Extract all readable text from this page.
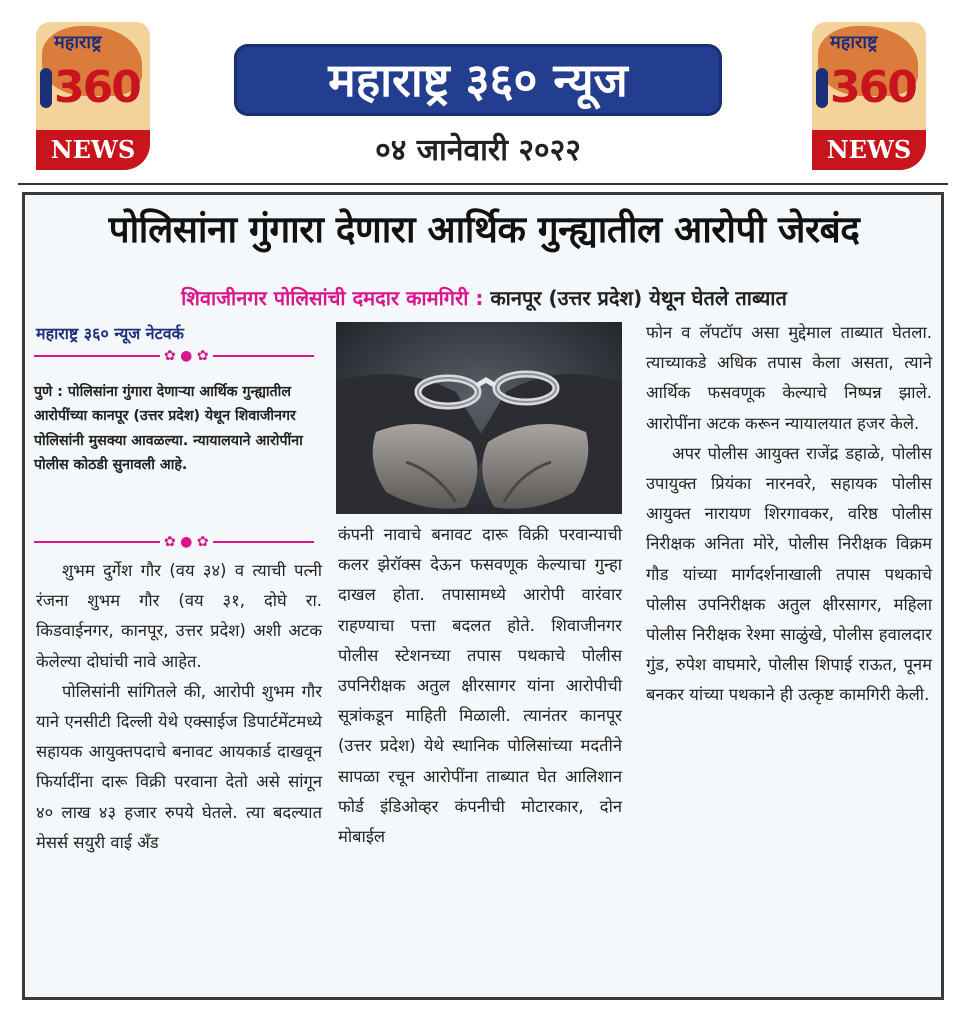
महाराष्ट्र
360
NEWS
महाराष्ट्र
360
NEWS
महाराष्ट्र ३६० न्यूज
०४ जानेवारी २०२२
पोलिसांना गुंगारा देणारा आर्थिक गुन्ह्यातील आरोपी जेरबंद
शिवाजीनगर पोलिसांची दमदार कामगिरी : कानपूर (उत्तर प्रदेश) येथून घेतले ताब्यात
महाराष्ट्र ३६० न्यूज नेटवर्क
✿ ● ✿
पुणे : पोलिसांना गुंगारा देणाऱ्या आर्थिक गुन्ह्यातील आरोपींच्या कानपूर (उत्तर प्रदेश) येथून शिवाजीनगर पोलिसांनी मुसक्या आवळल्या. न्यायालयाने आरोपींना पोलीस कोठडी सुनावली आहे.
✿ ● ✿

शुभम दुर्गेश गौर (वय ३४) व त्याची पत्नी रंजना शुभम गौर (वय ३१, दोघे रा. किडवाईनगर, कानपूर, उत्तर प्रदेश) अशी अटक केलेल्या दोघांची नावे आहेत.

पोलिसांनी सांगितले की, आरोपी शुभम गौर याने एनसीटी दिल्ली येथे एक्साईज डिपार्टमेंटमध्ये सहायक आयुक्तपदाचे बनावट आयकार्ड दाखवून फिर्यादींना दारू विक्री परवाना देतो असे सांगून ४० लाख ४३ हजार रुपये घेतले. त्या बदल्यात मेसर्स सयुरी वाई अँड

कंपनी नावाचे बनावट दारू विक्री परवान्याची कलर झेरॉक्स देऊन फसवणूक केल्याचा गुन्हा दाखल होता. तपासामध्ये आरोपी वारंवार राहण्याचा पत्ता बदलत होते. शिवाजीनगर पोलीस स्टेशनच्या तपास पथकाचे पोलीस उपनिरीक्षक अतुल क्षीरसागर यांना आरोपीची सूत्रांकडून माहिती मिळाली. त्यानंतर कानपूर (उत्तर प्रदेश) येथे स्थानिक पोलिसांच्या मदतीने सापळा रचून आरोपींना ताब्यात घेत आलिशान फोर्ड इंडिओव्हर कंपनीची मोटारकार, दोन मोबाईल

फोन व लॅपटॉप असा मुद्देमाल ताब्यात घेतला. त्याच्याकडे अधिक तपास केला असता, त्याने आर्थिक फसवणूक केल्याचे निष्पन्न झाले. आरोपींना अटक करून न्यायालयात हजर केले.

अपर पोलीस आयुक्त राजेंद्र डहाळे, पोलीस उपायुक्त प्रियंका नारनवरे, सहायक पोलीस आयुक्त नारायण शिरगावकर, वरिष्ठ पोलीस निरीक्षक अनिता मोरे, पोलीस निरीक्षक विक्रम गौड यांच्या मार्गदर्शनाखाली तपास पथकाचे पोलीस उपनिरीक्षक अतुल क्षीरसागर, महिला पोलीस निरीक्षक रेश्मा साळुंखे, पोलीस हवालदार गुंड, रुपेश वाघमारे, पोलीस शिपाई राऊत, पूनम बनकर यांच्या पथकाने ही उत्कृष्ट कामगिरी केली.
